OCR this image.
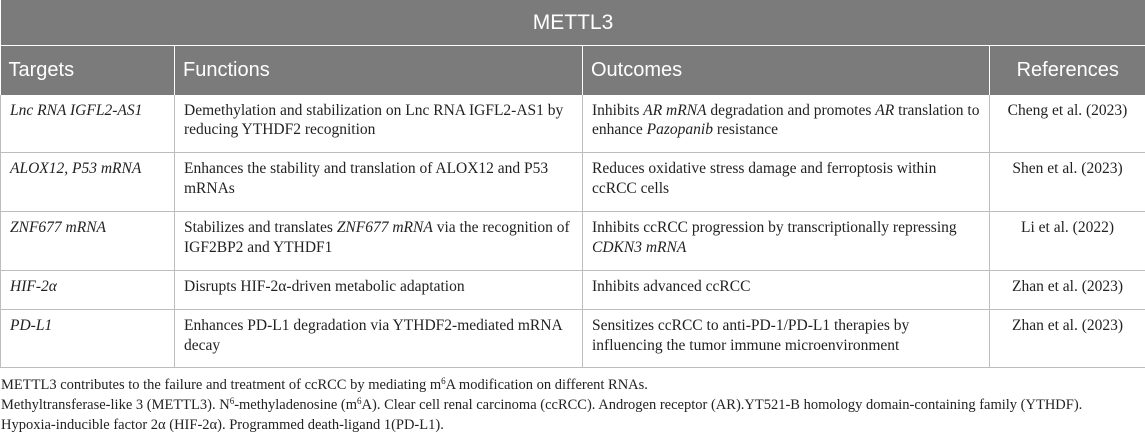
METTL3			
Targets	Functions	Outcomes	References
Lnc RNA IGFL2-AS1	Demethylation and stabilization on Lnc RNA IGFL2-AS1 by reducing YTHDF2 recognition	Inhibits AR mRNA degradation and promotes AR translation to enhance Pazopanib resistance	Cheng et al. (2023)
ALOX12, P53 mRNA	Enhances the stability and translation of ALOX12 and P53 mRNAs	Reduces oxidative stress damage and ferroptosis within ccRCC cells	Shen et al. (2023)
ZNF677 mRNA	Stabilizes and translates ZNF677 mRNA via the recognition of IGF2BP2 and YTHDF1	Inhibits ccRCC progression by transcriptionally repressing CDKN3 mRNA	Li et al. (2022)
HIF-2α	Disrupts HIF-2α-driven metabolic adaptation	Inhibits advanced ccRCC	Zhan et al. (2023)
PD-L1	Enhances PD-L1 degradation via YTHDF2-mediated mRNA decay	Sensitizes ccRCC to anti-PD-1/PD-L1 therapies by influencing the tumor immune microenvironment	Zhan et al. (2023)
METTL3 contributes to the failure and treatment of ccRCC by mediating $m^6A$ modification on different RNAs.
Methyltransferase-like 3 (METTL3). $N^6$-methyladenosine $(m^6A)$. Clear cell renal carcinoma (ccRCC). Androgen receptor (AR).YT521-B homology domain-containing family (YTHDF).
Hypoxia-inducible factor 2α (HIF-2α). Programmed death-ligand 1(PD-L1).
